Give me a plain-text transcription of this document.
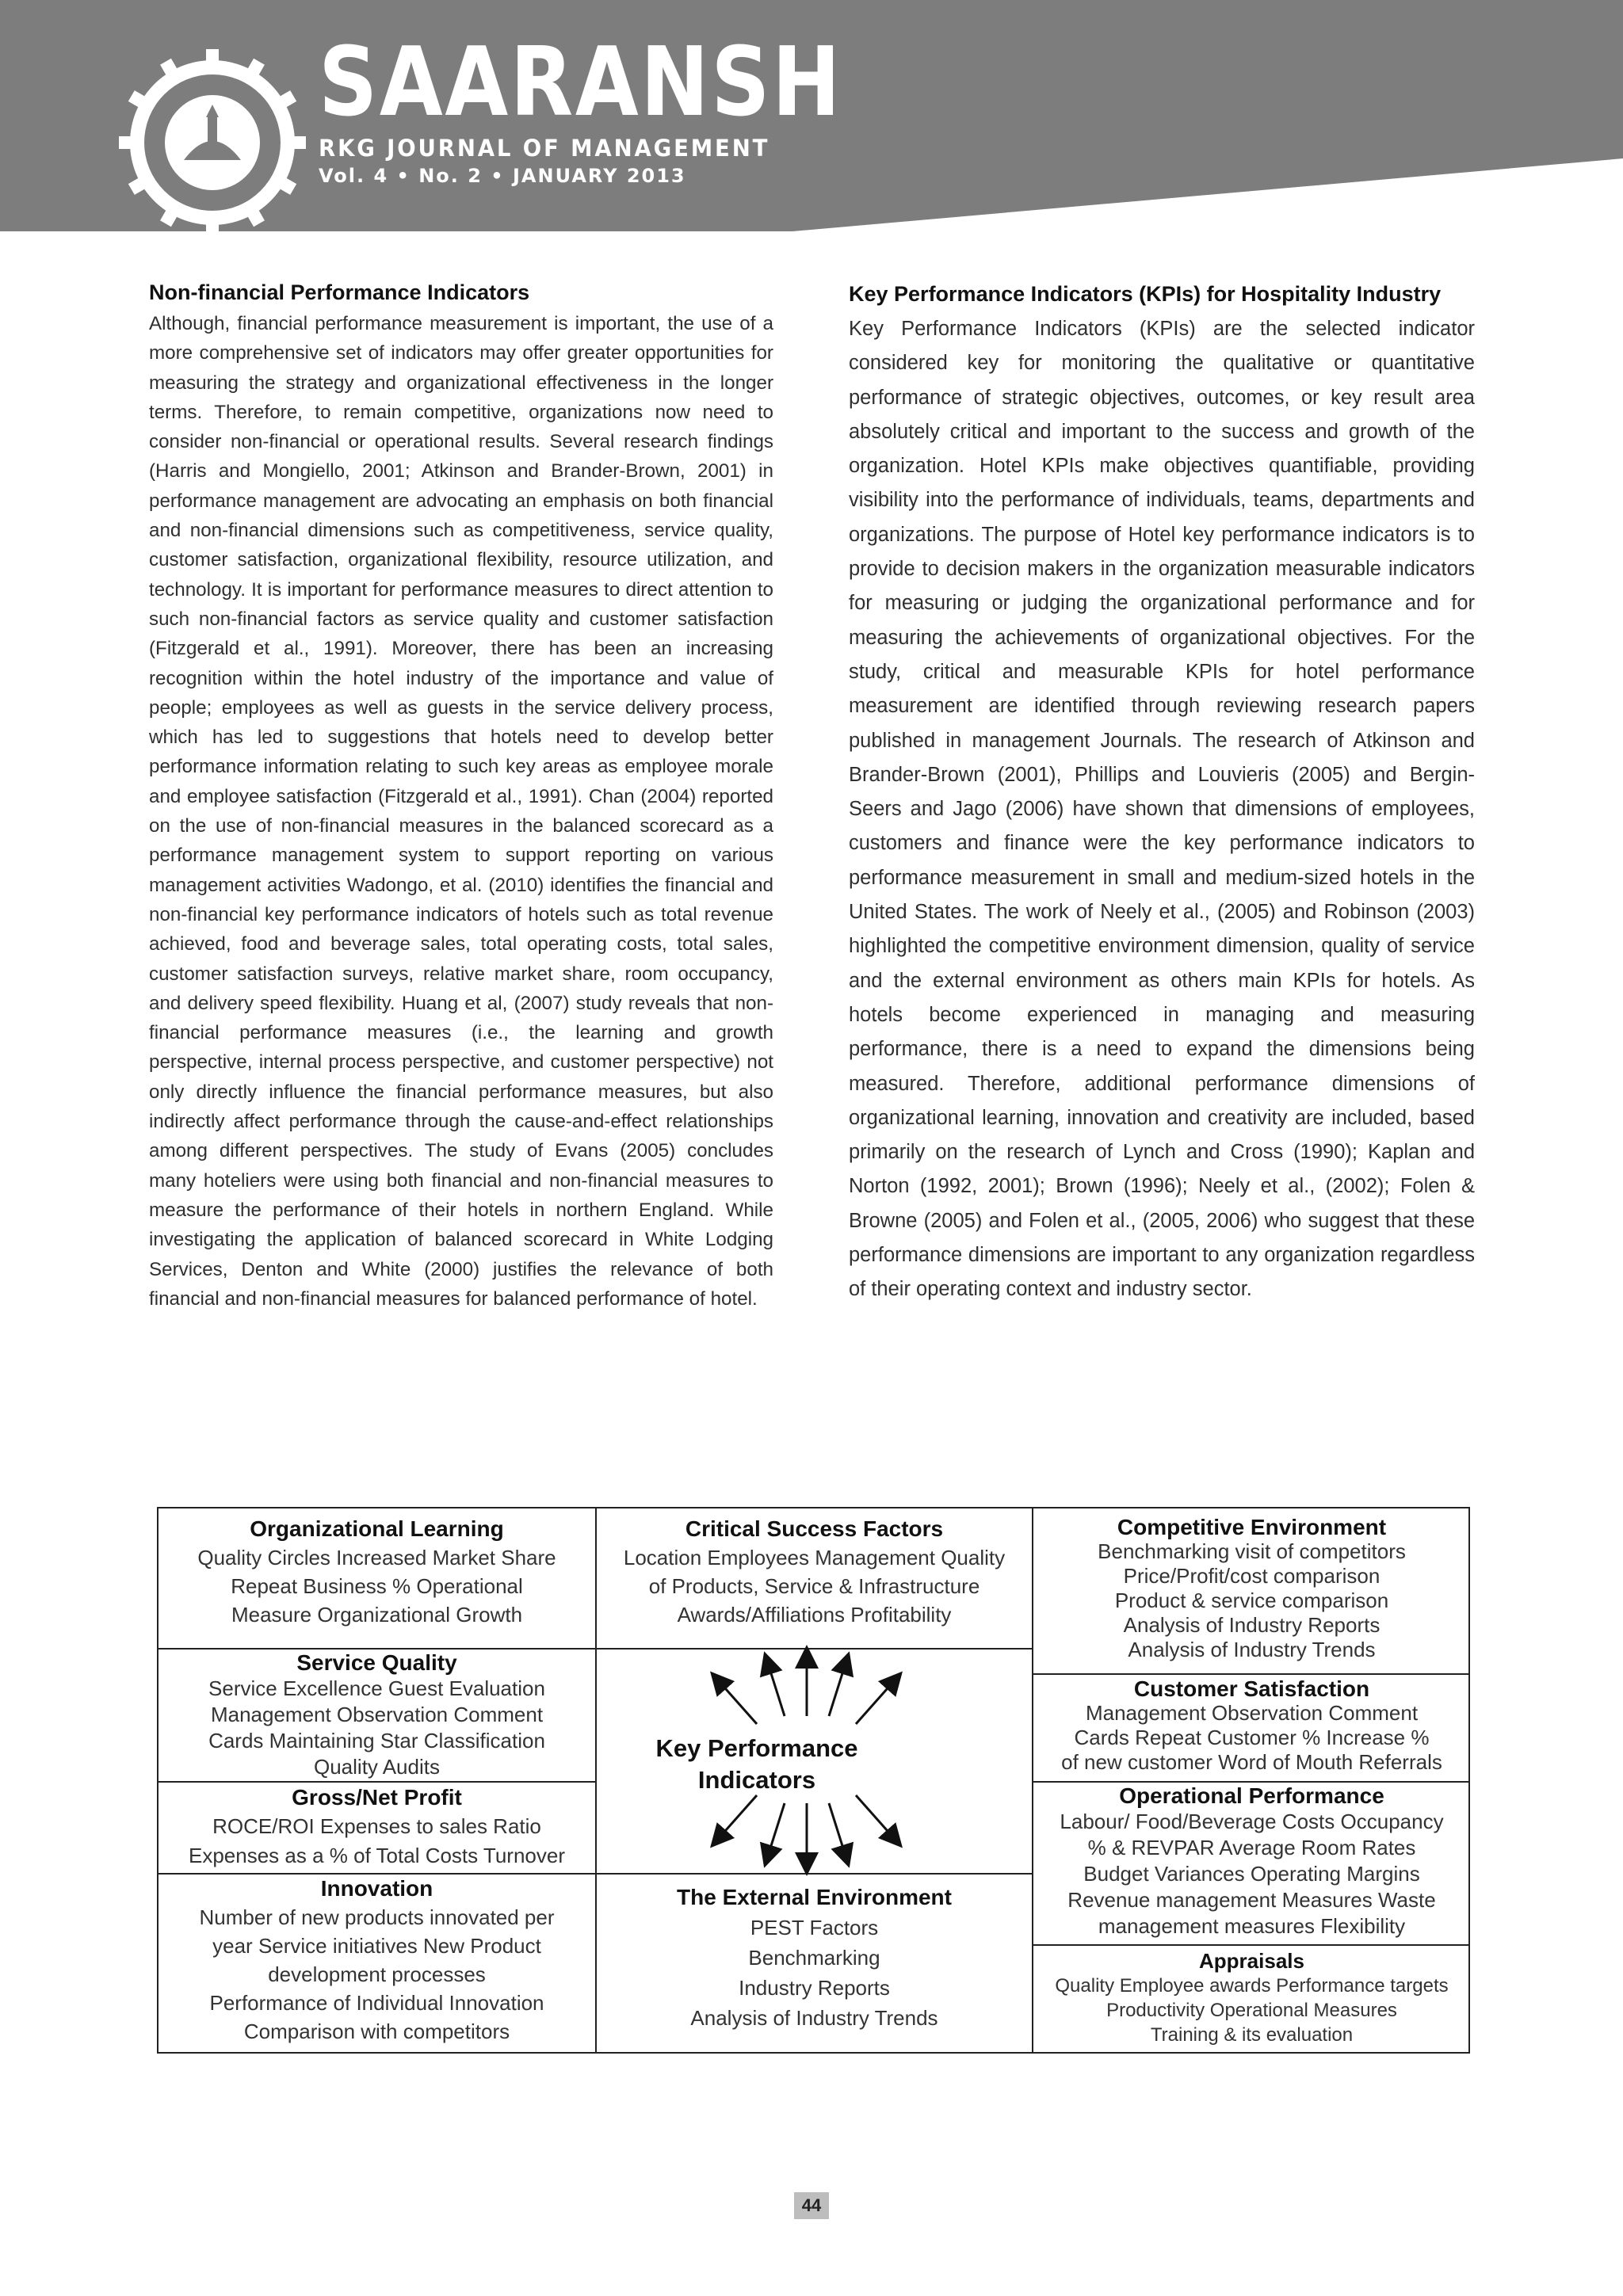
SAARANSH
RKG JOURNAL OF MANAGEMENT
Vol. 4 • No. 2 • JANUARY 2013
Non-financial Performance Indicators

Although, financial performance measurement is important, the use of a more comprehensive set of indicators may offer greater opportunities for measuring the strategy and organizational effectiveness in the longer terms. Therefore, to remain competitive, organizations now need to consider non-financial or operational results. Several research findings (Harris and Mongiello, 2001; Atkinson and Brander-Brown, 2001) in performance management are advocating an emphasis on both financial and non-financial dimensions such as competitiveness, service quality, customer satisfaction, organizational flexibility, resource utilization, and technology. It is important for performance measures to direct attention to such non-financial factors as service quality and customer satisfaction (Fitzgerald et al., 1991). Moreover, there has been an increasing recognition within the hotel industry of the importance and value of people; employees as well as guests in the service delivery process, which has led to suggestions that hotels need to develop better performance information relating to such key areas as employee morale and employee satisfaction (Fitzgerald et al., 1991). Chan (2004) reported on the use of non-financial measures in the balanced scorecard as a performance management system to support reporting on various management activities Wadongo, et al. (2010) identifies the financial and non-financial key performance indicators of hotels such as total revenue achieved, food and beverage sales, total operating costs, total sales, customer satisfaction surveys, relative market share, room occupancy, and delivery speed flexibility. Huang et al, (2007) study reveals that non-financial performance measures (i.e., the learning and growth perspective, internal process perspective, and customer perspective) not only directly influence the financial performance measures, but also indirectly affect performance through the cause-and-effect relationships among different perspectives. The study of Evans (2005) concludes many hoteliers were using both financial and non-financial measures to measure the performance of their hotels in northern England. While investigating the application of balanced scorecard in White Lodging Services, Denton and White (2000) justifies the relevance of both financial and non-financial measures for balanced performance of hotel.

Key Performance Indicators (KPIs) for Hospitality Industry

Key Performance Indicators (KPIs) are the selected indicator considered key for monitoring the qualitative or quantitative performance of strategic objectives, outcomes, or key result area absolutely critical and important to the success and growth of the organization. Hotel KPIs make objectives quantifiable, providing visibility into the performance of individuals, teams, departments and organizations. The purpose of Hotel key performance indicators is to provide to decision makers in the organization measurable indicators for measuring or judging the organizational performance and for measuring the achievements of organizational objectives. For the study, critical and measurable KPIs for hotel performance measurement are identified through reviewing research papers published in management Journals. The research of Atkinson and Brander-Brown (2001), Phillips and Louvieris (2005) and Bergin-Seers and Jago (2006) have shown that dimensions of employees, customers and finance were the key performance indicators to performance measurement in small and medium-sized hotels in the United States. The work of Neely et al., (2005) and Robinson (2003) highlighted the competitive environment dimension, quality of service and the external environment as others main KPIs for hotels. As hotels become experienced in managing and measuring performance, there is a need to expand the dimensions being measured. Therefore, additional performance dimensions of organizational learning, innovation and creativity are included, based primarily on the research of Lynch and Cross (1990); Kaplan and Norton (1992, 2001); Brown (1996); Neely et al., (2002); Folen & Browne (2005) and Folen et al., (2005, 2006) who suggest that these performance dimensions are important to any organization regardless of their operating context and industry sector.

Organizational Learning
Quality Circles Increased Market Share
Repeat Business % Operational
Measure Organizational Growth
Critical Success Factors
Location Employees Management Quality
of Products, Service & Infrastructure
Awards/Affiliations Profitability
Competitive Environment
Benchmarking visit of competitors
Price/Profit/cost comparison
Product & service comparison
Analysis of Industry Reports
Analysis of Industry Trends
Service Quality
Service Excellence Guest Evaluation
Management Observation Comment
Cards Maintaining Star Classification
Quality Audits
Customer Satisfaction
Management Observation Comment
Cards Repeat Customer % Increase %
of new customer Word of Mouth Referrals
Gross/Net Profit
ROCE/ROI Expenses to sales Ratio
Expenses as a % of Total Costs Turnover
Operational Performance
Labour/ Food/Beverage Costs Occupancy
% & REVPAR Average Room Rates
Budget Variances Operating Margins
Revenue management Measures Waste
management measures Flexibility
Innovation
Number of new products innovated per
year Service initiatives New Product
development processes
Performance of Individual Innovation
Comparison with competitors
The External Environment
PEST Factors
Benchmarking
Industry Reports
Analysis of Industry Trends
Appraisals
Quality Employee awards Performance targets
Productivity Operational Measures
Training & its evaluation
Key Performance Indicators
44
